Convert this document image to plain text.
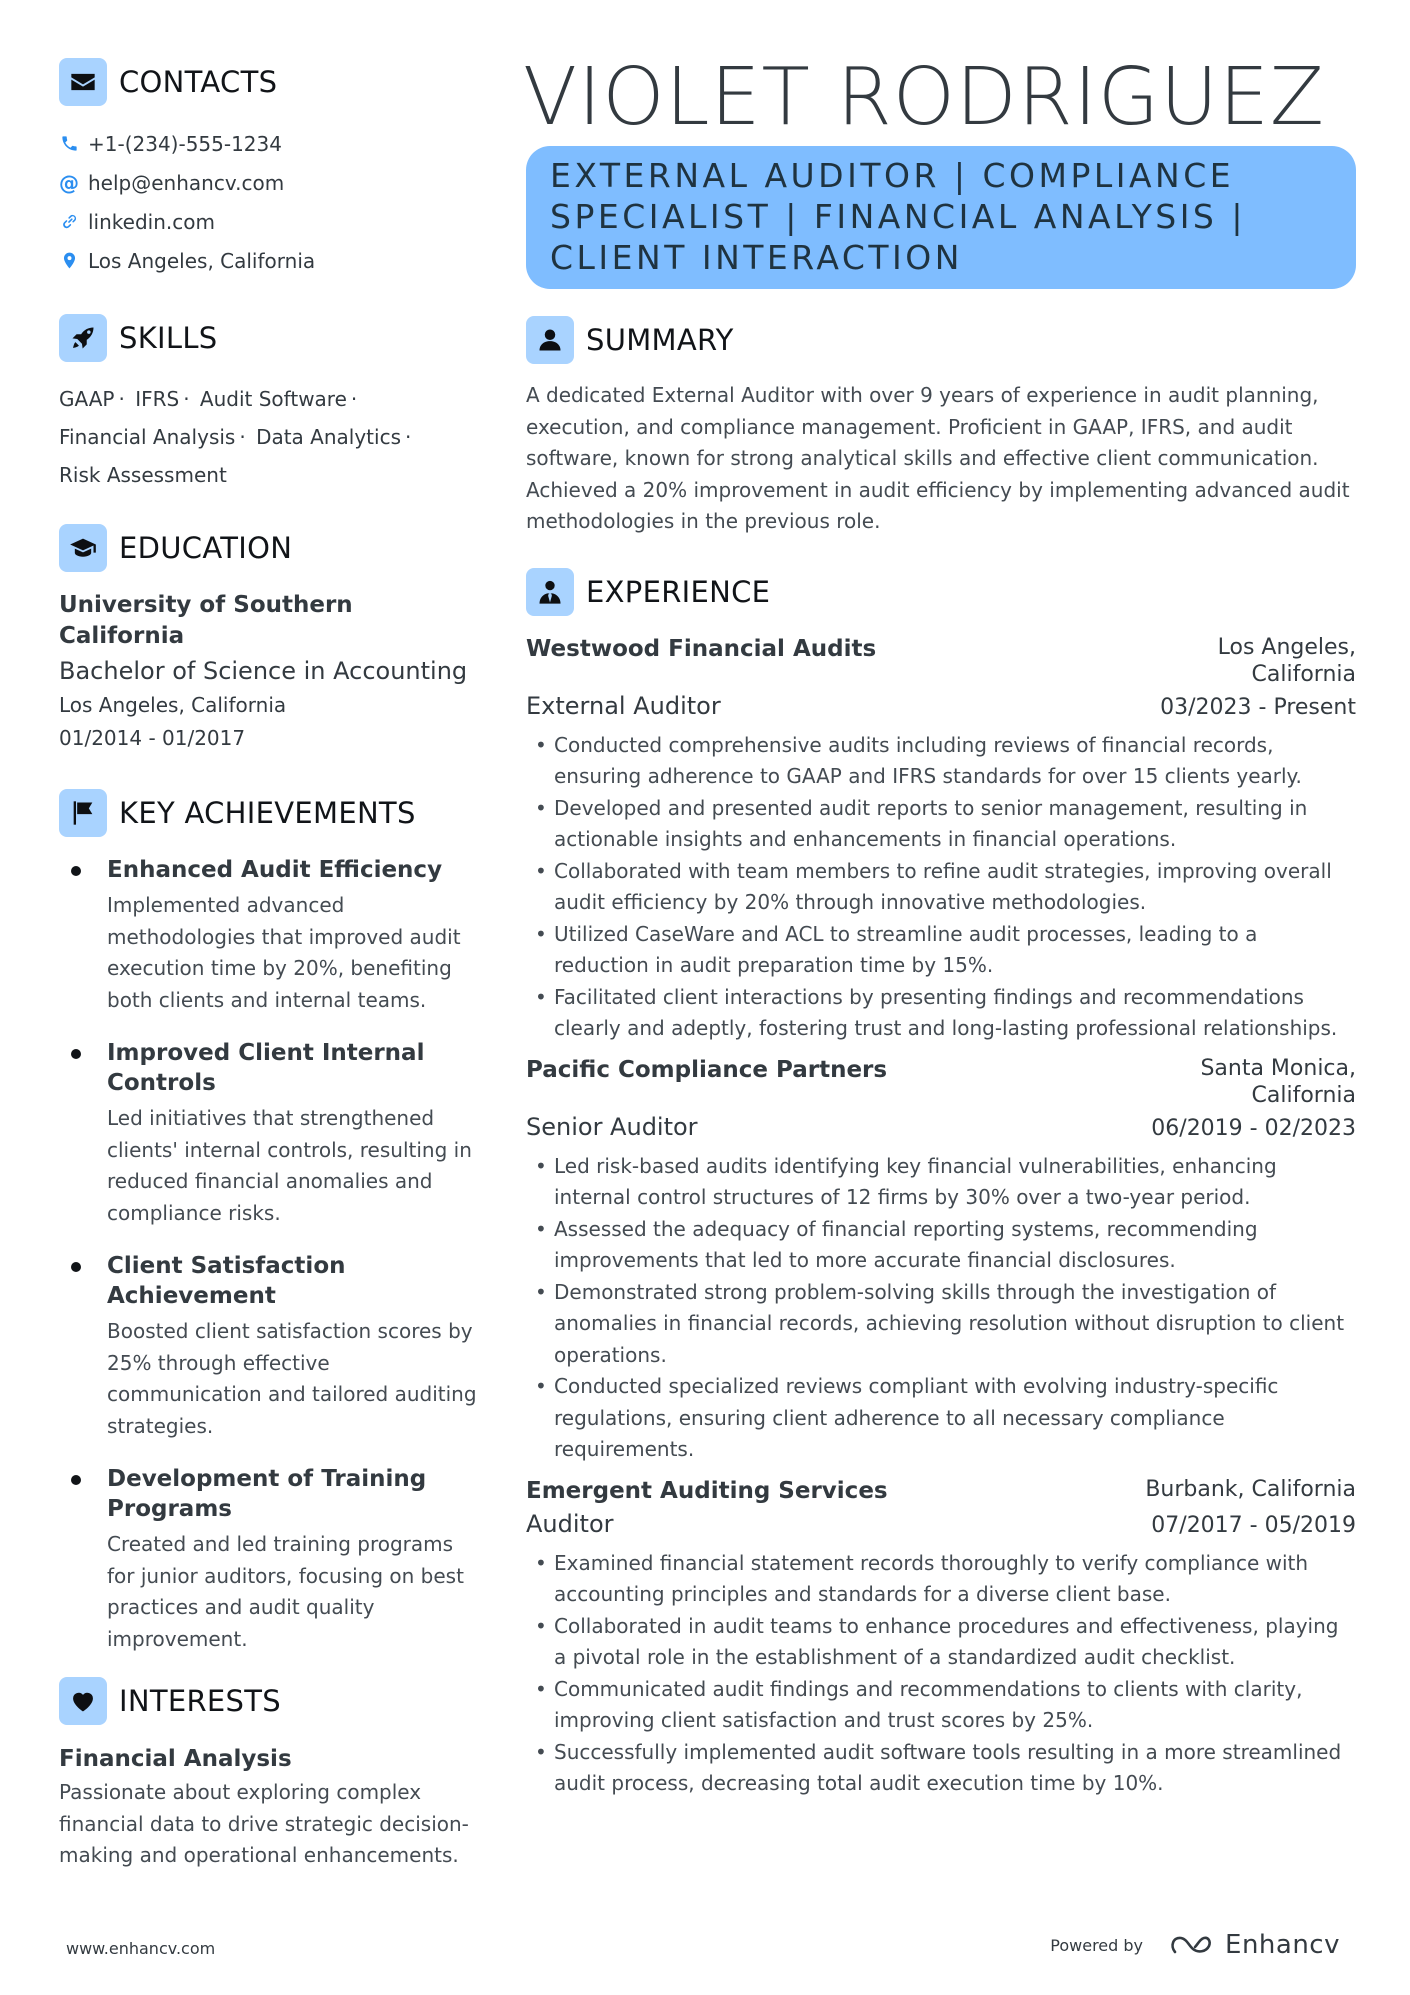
CONTACTS
+1-(234)-555-1234
@ help@enhancv.com
linkedin.com
Los Angeles, California
SKILLS
GAAP · IFRS · Audit Software ·
Financial Analysis · Data Analytics ·
Risk Assessment
EDUCATION
University of Southern California
Bachelor of Science in Accounting
Los Angeles, California
01/2014 - 01/2017
KEY ACHIEVEMENTS
Enhanced Audit Efficiency
Implemented advanced methodologies that improved audit execution time by 20%, benefiting both clients and internal teams.
Improved Client Internal Controls
Led initiatives that strengthened clients' internal controls, resulting in reduced financial anomalies and compliance risks.
Client Satisfaction Achievement
Boosted client satisfaction scores by 25% through effective communication and tailored auditing strategies.
Development of Training Programs
Created and led training programs for junior auditors, focusing on best practices and audit quality improvement.
INTERESTS
Financial Analysis
Passionate about exploring complex financial data to drive strategic decision-making and operational enhancements.
VIOLET RODRIGUEZ
EXTERNAL AUDITOR | COMPLIANCE SPECIALIST | FINANCIAL ANALYSIS | CLIENT INTERACTION
SUMMARY
A dedicated External Auditor with over 9 years of experience in audit planning, execution, and compliance management. Proficient in GAAP, IFRS, and audit software, known for strong analytical skills and effective client communication. Achieved a 20% improvement in audit efficiency by implementing advanced audit methodologies in the previous role.
EXPERIENCE
Westwood Financial Audits	Los Angeles, California
External Auditor	03/2023 - Present
• Conducted comprehensive audits including reviews of financial records, ensuring adherence to GAAP and IFRS standards for over 15 clients yearly.
• Developed and presented audit reports to senior management, resulting in actionable insights and enhancements in financial operations.
• Collaborated with team members to refine audit strategies, improving overall audit efficiency by 20% through innovative methodologies.
• Utilized CaseWare and ACL to streamline audit processes, leading to a reduction in audit preparation time by 15%.
• Facilitated client interactions by presenting findings and recommendations clearly and adeptly, fostering trust and long-lasting professional relationships.
Pacific Compliance Partners	Santa Monica, California
Senior Auditor	06/2019 - 02/2023
• Led risk-based audits identifying key financial vulnerabilities, enhancing internal control structures of 12 firms by 30% over a two-year period.
• Assessed the adequacy of financial reporting systems, recommending improvements that led to more accurate financial disclosures.
• Demonstrated strong problem-solving skills through the investigation of anomalies in financial records, achieving resolution without disruption to client operations.
• Conducted specialized reviews compliant with evolving industry-specific regulations, ensuring client adherence to all necessary compliance requirements.
Emergent Auditing Services	Burbank, California
Auditor	07/2017 - 05/2019
• Examined financial statement records thoroughly to verify compliance with accounting principles and standards for a diverse client base.
• Collaborated in audit teams to enhance procedures and effectiveness, playing a pivotal role in the establishment of a standardized audit checklist.
• Communicated audit findings and recommendations to clients with clarity, improving client satisfaction and trust scores by 25%.
• Successfully implemented audit software tools resulting in a more streamlined audit process, decreasing total audit execution time by 10%.
www.enhancv.com	Powered by	Enhancv
